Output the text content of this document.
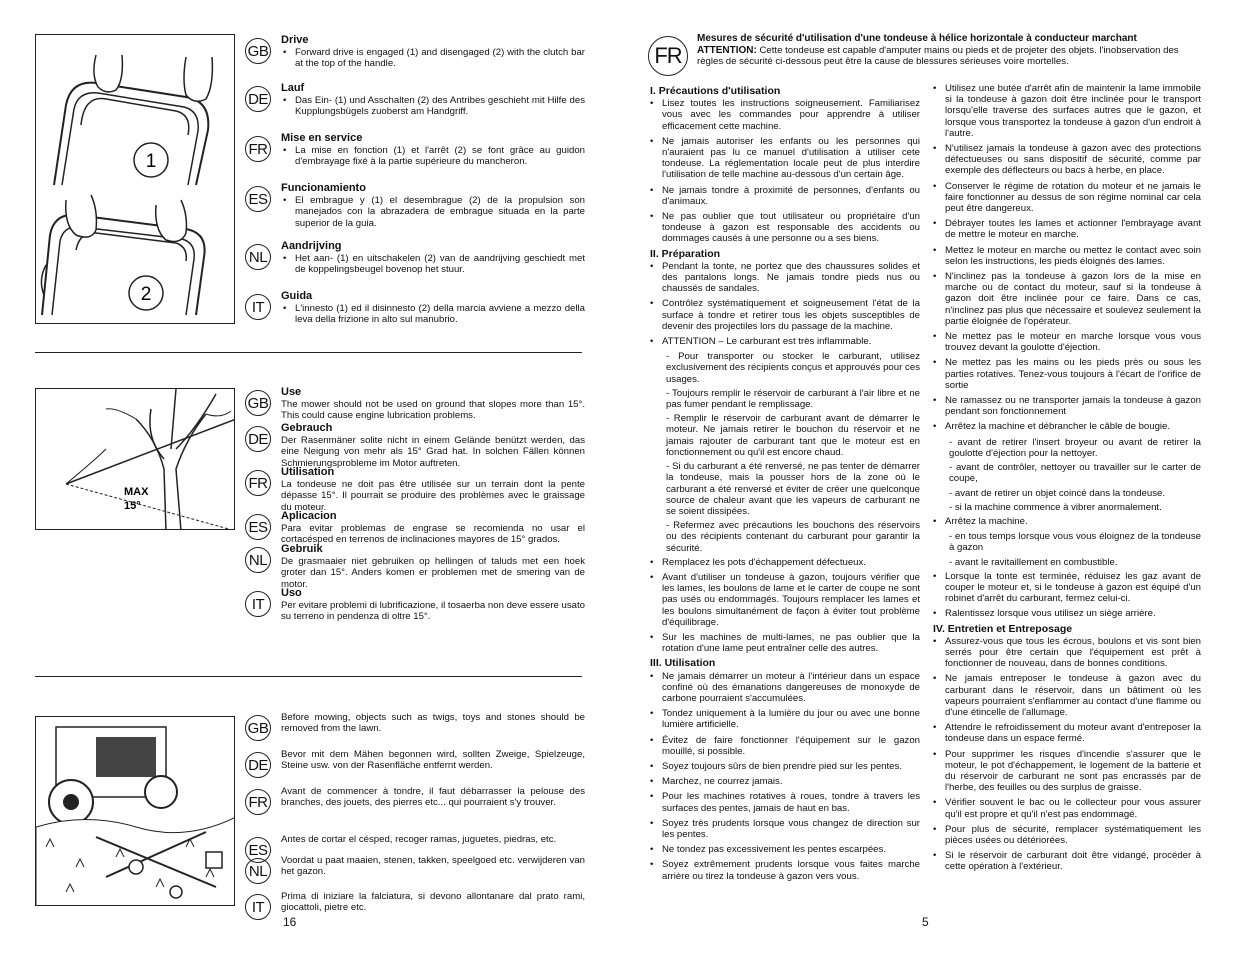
1
2
GB
Drive
• Forward drive is engaged (1) and disengaged (2) with the clutch bar at the top of the handle.
DE
Lauf
• Das Ein- (1) und Asschalten (2) des Antribes geschieht mit Hilfe des Kupplungsbügels zuoberst am Handgriff.
FR
Mise en service
• La mise en fonction (1) et l'arrêt (2) se font grâce au guidon d'embrayage fixé à la partie supérieure du mancheron.
ES
Funcionamiento
• El embrague y (1) el desembrague (2) de la propulsion son manejados con la abrazadera de embrague situada en la parte superior de la guia.
NL
Aandrijving
• Het aan- (1) en uitschakelen (2) van de aandrijving geschiedt met de koppelingsbeugel bovenop het stuur.
IT
Guida
• L'innesto (1) ed il disinnesto (2) della marcia avviene a mezzo della leva della frizione in alto sul manubrio.
MAX
15°
GB
Use
The mower should not be used on ground that slopes more than 15°. This could cause engine lubrication problems.
DE
Gebrauch
Der Rasenmäner solite nicht in einem Gelände benützt werden, das eine Neigung von mehr als 15° Grad hat. In solchen Fällen können Schmierungsprobleme im Motor auftreten.
FR
Utilisation
La tondeuse ne doit pas être utilisée sur un terrain dont la pente dépasse 15°. Il pourrait se produire des problèmes avec le graissage du moteur.
ES
Aplicacion
Para evitar problemas de engrase se recomienda no usar el cortacésped en terrenos de inclinaciones mayores de 15° grados.
NL
Gebruik
De grasmaaier niet gebruiken op hellingen of taluds met een hoek groter dan 15°. Anders komen er problemen met de smering van de motor.
IT
Uso
Per evitare problemi di lubrificazione, il tosaerba non deve essere usato su terreno in pendenza di oltre 15°.
GB
Before mowing, objects such as twigs, toys and stones should be removed from the lawn.
DE
Bevor mit dem Mähen begonnen wird, sollten Zweige, Spielzeuge, Steine usw. von der Rasenfläche entfernt werden.
FR
Avant de commencer à tondre, il faut débarrasser la pelouse des branches, des jouets, des pierres etc... qui pourraient s'y trouver.
ES
Antes de cortar el césped, recoger ramas, juguetes, piedras, etc.
NL
Voordat u paat maaien, stenen, takken, speelgoed etc. verwijderen van het gazon.
IT
Prima di iniziare la falciatura, si devono allontanare dal prato rami, giocattoli, pietre etc.
16
FR
Mesures de sécurité d'utilisation d'une tondeuse à hélice horizontale à conducteur marchant
ATTENTION: Cette tondeuse est capable d'amputer mains ou pieds et de projeter des objets. l'inobservation des règles de sécurité ci-dessous peut être la cause de blessures sérieuses voire mortelles.
I. Précautions d'utilisation
• Lisez toutes les instructions soigneusement. Familiarisez vous avec les commandes pour apprendre à utiliser efficacement cette machine.
• Ne jamais autoriser les enfants ou les personnes qui n'auraient pas lu ce manuel d'utilisation à utiliser cete tondeuse. La réglementation locale peut de plus interdire l'utilisation de telle machine au-dessous d'un certain âge.
• Ne jamais tondre à proximité de personnes, d'enfants ou d'animaux.
• Ne pas oublier que tout utilisateur ou propriétaire d'un tondeuse à gazon est responsable des accidents ou dommages causés à une personne ou a ses biens.
II. Préparation
• Pendant la tonte, ne portez que des chaussures solides et des pantalons longs. Ne jamais tondre pieds nus ou chaussés de sandales.
• Contrôlez systématiquement et soigneusement l'état de la surface à tondre et retirer tous les objets susceptibles de devenir des projectiles lors du passage de la machine.
• ATTENTION – Le carburant est très inflammable.
- Pour transporter ou stocker le carburant, utilisez exclusivement des récipients conçus et approuvés pour ces usages.
- Toujours remplir le réservoir de carburant à l'air libre et ne pas fumer pendant le remplissage.
- Remplir le réservoir de carburant avant de démarrer le moteur. Ne jamais retirer le bouchon du réservoir et ne jamais rajouter de carburant tant que le moteur est en fonctionnement ou qu'il est encore chaud.
- Si du carburant a été renversé, ne pas tenter de démarrer la tondeuse, mais la pousser hors de la zone où le carburant a été renversé et éviter de créer une quelconque source de chaleur avant que les vapeurs de carburant ne se soient dissipées.
- Refermez avec précautions les bouchons des réservoirs ou des récipients contenant du carburant pour garantir la sécurité.
• Remplacez les pots d'échappement défectueux.
• Avant d'utiliser un tondeuse à gazon, toujours vérifier que les lames, les boulons de lame et le carter de coupe ne sont pas usés ou endommagés. Toujours remplacer les lames et les boulons simultanément de façon à éviter tout problème d'équilibrage.
• Sur les machines de multi-lames, ne pas oublier que la rotation d'une lame peut entraîner celle des autres.
III. Utilisation
• Ne jamais démarrer un moteur à l'intérieur dans un espace confiné où des émanations dangereuses de monoxyde de carbone pourraient s'accumulées.
• Tondez uniquement à la lumière du jour ou avec une bonne lumière artificielle.
• Évitez de faire fonctionner l'équipement sur le gazon mouillé, si possible.
• Soyez toujours sûrs de bien prendre pied sur les pentes.
• Marchez, ne courrez jamais.
• Pour les machines rotatives à roues, tondre à travers les surfaces des pentes, jamais de haut en bas.
• Soyez très prudents lorsque vous changez de direction sur les pentes.
• Ne tondez pas excessivement les pentes escarpées.
• Soyez extrêmement prudents lorsque vous faites marche arrière ou tirez la tondeuse à gazon vers vous.
• Utilisez une butée d'arrêt afin de maintenir la lame immobile si la tondeuse à gazon doit être inclinée pour le transport lorsqu'elle traverse des surfaces autres que le gazon, et lorsque vous transportez la tondeuse à gazon d'un endroit à l'autre.
• N'utilisez jamais la tondeuse à gazon avec des protections défectueuses ou sans dispositif de sécurité, comme par exemple des déflecteurs ou bacs à herbe, en place.
• Conserver le régime de rotation du moteur et ne jamais le faire fonctionner au dessus de son régime nominal car cela peut être dangereux.
• Débrayer toutes les lames et actionner l'embrayage avant de mettre le moteur en marche.
• Mettez le moteur en marche ou mettez le contact avec soin selon les instructions, les pieds éloignés des lames.
• N'inclinez pas la tondeuse à gazon lors de la mise en marche ou de contact du moteur, sauf si la tondeuse à gazon doit être inclinée pour ce faire. Dans ce cas, n'inclinez pas plus que nécessaire et soulevez seulement la partie éloignée de l'opérateur.
• Ne mettez pas le moteur en marche lorsque vous vous trouvez devant la goulotte d'éjection.
• Ne mettez pas les mains ou les pieds près ou sous les parties rotatives. Tenez-vous toujours à l'écart de l'orifice de sortie
• Ne ramassez ou ne transporter jamais la tondeuse à gazon pendant son fonctionnement
• Arrêtez la machine et débrancher le câble de bougie.
- avant de retirer l'insert broyeur ou avant de retirer la goulotte d'éjection pour la nettoyer.
- avant de contrôler, nettoyer ou travailler sur le carter de coupe,
- avant de retirer un objet coincé dans la tondeuse.
- si la machine commence à vibrer anormalement.
• Arrêtez la machine.
- en tous temps lorsque vous vous éloignez de la tondeuse à gazon
- avant le ravitaillement en combustible.
• Lorsque la tonte est terminée, réduisez les gaz avant de couper le moteur et, si le tondeuse à gazon est équipé d'un robinet d'arrêt du carburant, fermez celui-ci.
• Ralentissez lorsque vous utilisez un siège arrière.
IV. Entretien et Entreposage
• Assurez-vous que tous les écrous, boulons et vis sont bien serrés pour être certain que l'équipement est prêt à fonctionner de nouveau, dans de bonnes conditions.
• Ne jamais entreposer le tondeuse à gazon avec du carburant dans le réservoir, dans un bâtiment où les vapeurs pourraient s'enflammer au contact d'une flamme ou d'une étincelle de l'allumage.
• Attendre le refroidissement du moteur avant d'entreposer la tondeuse dans un espace fermé.
• Pour supprimer les risques d'incendie s'assurer que le moteur, le pot d'échappement, le logement de la batterie et du réservoir de carburant ne sont pas encrassés par de l'herbe, des feuilles ou des surplus de graisse.
• Vérifier souvent le bac ou le collecteur pour vous assurer qu'il est propre et qu'il n'est pas endommagé.
• Pour plus de sécurité, remplacer systématiquement les pièces usées ou détériorées.
• Si le réservoir de carburant doit être vidangé, procéder à cette opération à l'extérieur.
5
